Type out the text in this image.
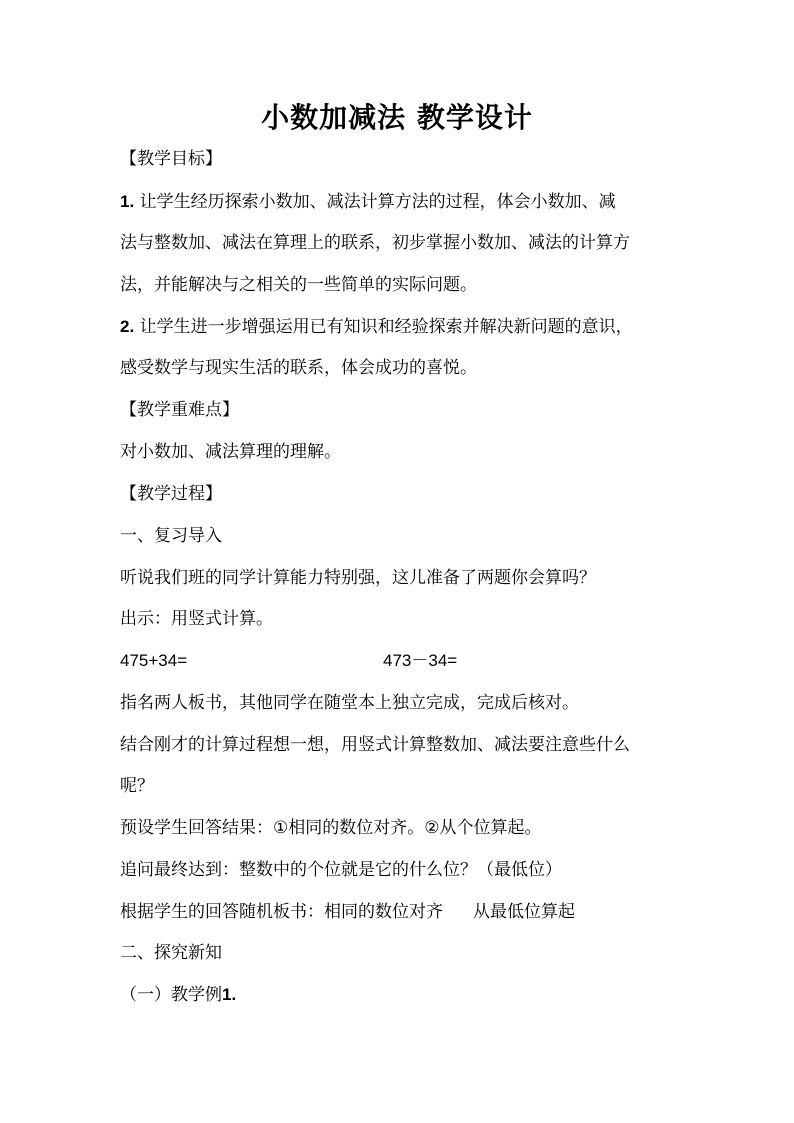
小数加减法 教学设计
【教学目标】
1. 让学生经历探索小数加、减法计算方法的过程，体会小数加、减
法与整数加、减法在算理上的联系，初步掌握小数加、减法的计算方
法，并能解决与之相关的一些简单的实际问题。
2. 让学生进一步增强运用已有知识和经验探索并解决新问题的意识，
感受数学与现实生活的联系，体会成功的喜悦。
【教学重难点】
对小数加、减法算理的理解。
【教学过程】
一、复习导入
听说我们班的同学计算能力特别强，这儿准备了两题你会算吗？
出示：用竖式计算。
475+34=	473－34=
指名两人板书，其他同学在随堂本上独立完成，完成后核对。
结合刚才的计算过程想一想，用竖式计算整数加、减法要注意些什么
呢？
预设学生回答结果：①相同的数位对齐。②从个位算起。
追问最终达到：整数中的个位就是它的什么位？（最低位）
根据学生的回答随机板书：相同的数位对齐 从最低位算起
二、探究新知
（一）教学例1.
